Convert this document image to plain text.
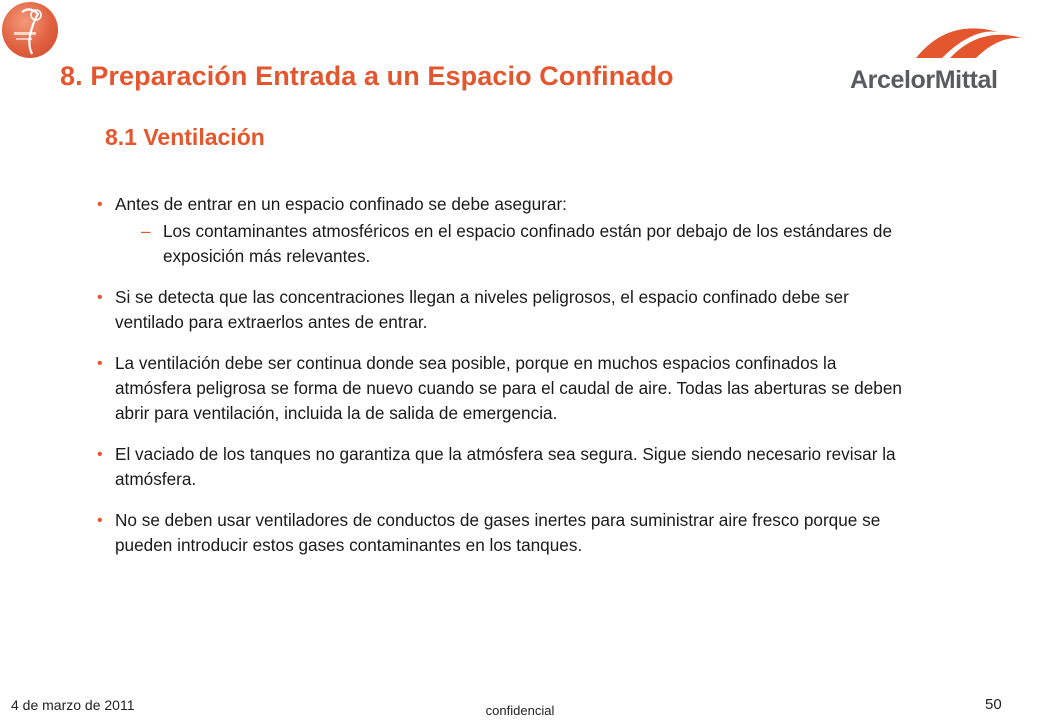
8. Preparación Entrada a un Espacio Confinado
8.1 Ventilación
ArcelorMittal
• Antes de entrar en un espacio confinado se debe asegurar:
– Los contaminantes atmosféricos en el espacio confinado están por debajo de los estándares de exposición más relevantes.
• Si se detecta que las concentraciones llegan a niveles peligrosos, el espacio confinado debe ser ventilado para extraerlos antes de entrar.
• La ventilación debe ser continua donde sea posible, porque en muchos espacios confinados la atmósfera peligrosa se forma de nuevo cuando se para el caudal de aire. Todas las aberturas se deben abrir para ventilación, incluida la de salida de emergencia.
• El vaciado de los tanques no garantiza que la atmósfera sea segura. Sigue siendo necesario revisar la atmósfera.
• No se deben usar ventiladores de conductos de gases inertes para suministrar aire fresco porque se pueden introducir estos gases contaminantes en los tanques.
4 de marzo de 2011	confidencial	50
